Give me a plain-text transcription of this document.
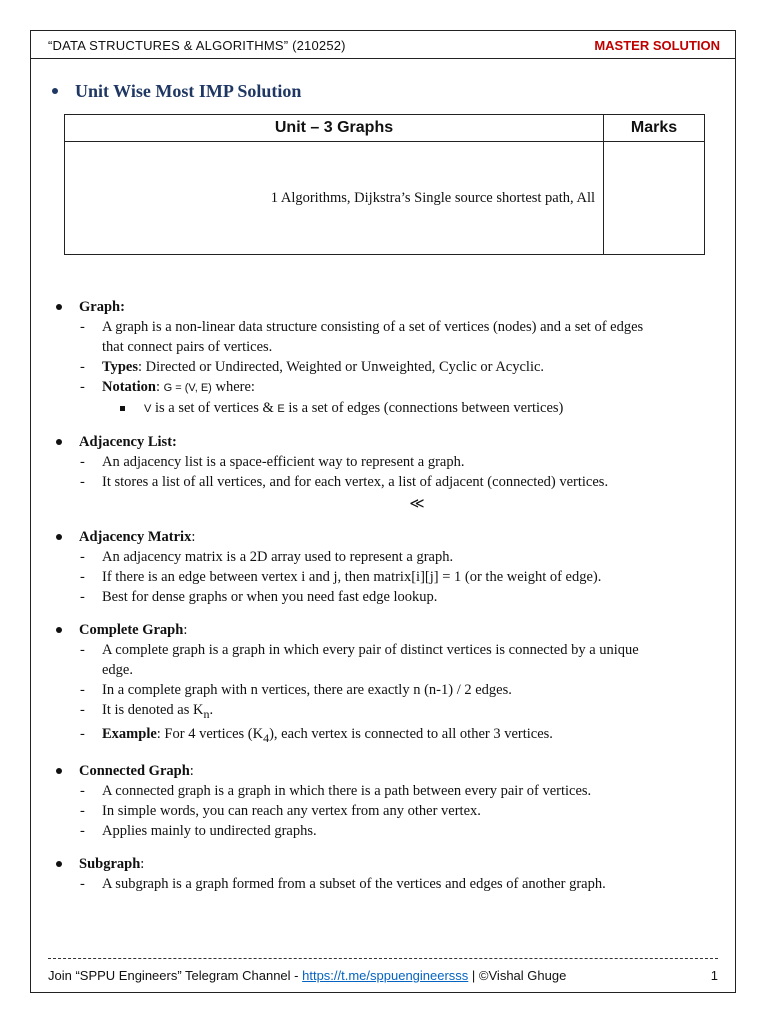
“DATA STRUCTURES & ALGORITHMS” (210252)	MASTER SOLUTION
Unit Wise Most IMP Solution
Unit – 3 Graphs	Marks
1 Algorithms, Dijkstra’s Single source shortest path, All	
Graph:
- A graph is a non-linear data structure consisting of a set of vertices (nodes) and a set of edges
that connect pairs of vertices.
- Types: Directed or Undirected, Weighted or Unweighted, Cyclic or Acyclic.
- Notation: G = (V, E) where:
V is a set of vertices & E is a set of edges (connections between vertices)
Adjacency List:
- An adjacency list is a space-efficient way to represent a graph.
- It stores a list of all vertices, and for each vertex, a list of adjacent (connected) vertices.
≪
Adjacency Matrix:
- An adjacency matrix is a 2D array used to represent a graph.
- If there is an edge between vertex i and j, then matrix[i][j] = 1 (or the weight of edge).
- Best for dense graphs or when you need fast edge lookup.
Complete Graph:
- A complete graph is a graph in which every pair of distinct vertices is connected by a unique
edge.
- In a complete graph with n vertices, there are exactly n (n-1) / 2 edges.
- It is denoted as $K_n$.
- Example: For 4 vertices $(K_4)$, each vertex is connected to all other 3 vertices.
Connected Graph:
- A connected graph is a graph in which there is a path between every pair of vertices.
- In simple words, you can reach any vertex from any other vertex.
- Applies mainly to undirected graphs.
Subgraph:
- A subgraph is a graph formed from a subset of the vertices and edges of another graph.
Join “SPPU Engineers” Telegram Channel - https://t.me/sppuengineersss | ©Vishal Ghuge	1
